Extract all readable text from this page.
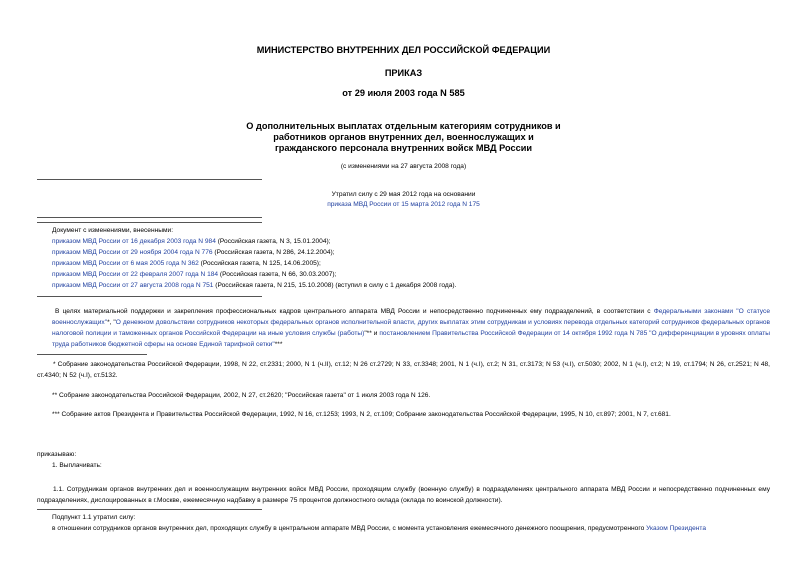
МИНИСТЕРСТВО ВНУТРЕННИХ ДЕЛ РОССИЙСКОЙ ФЕДЕРАЦИИ
ПРИКАЗ
от 29 июля 2003 года N 585
О дополнительных выплатах отдельным категориям сотрудников и
работников органов внутренних дел, военнослужащих и
гражданского персонала внутренних войск МВД России
(с изменениями на 27 августа 2008 года)
Утратил силу с 29 мая 2012 года на основании
приказа МВД России от 15 марта 2012 года N 175
Документ с изменениями, внесенными:
приказом МВД России от 16 декабря 2003 года N 984 (Российская газета, N 3, 15.01.2004);
приказом МВД России от 29 ноября 2004 года N 776 (Российская газета, N 286, 24.12.2004);
приказом МВД России от 6 мая 2005 года N 362 (Российская газета, N 125, 14.06.2005);
приказом МВД России от 22 февраля 2007 года N 184 (Российская газета, N 66, 30.03.2007);
приказом МВД России от 27 августа 2008 года N 751 (Российская газета, N 215, 15.10.2008) (вступил в силу с 1 декабря 2008 года).

В целях материальной поддержки и закрепления профессиональных кадров центрального аппарата МВД России и непосредственно подчиненных ему подразделений, в соответствии с Федеральными законами "О статусе военнослужащих"*, "О денежном довольствии сотрудников некоторых федеральных органов исполнительной власти, других выплатах этим сотрудникам и условиях перевода отдельных категорий сотрудников федеральных органов налоговой полиции и таможенных органов Российской Федерации на иные условия службы (работы)"** и постановлением Правительства Российской Федерации от 14 октября 1992 года N 785 "О дифференциации в уровнях оплаты труда работников бюджетной сферы на основе Единой тарифной сетки"***

* Собрание законодательства Российской Федерации, 1998, N 22, ст.2331; 2000, N 1 (ч.II), ст.12; N 26 ст.2729; N 33, ст.3348; 2001, N 1 (ч.I), ст.2; N 31, ст.3173; N 53 (ч.I), ст.5030; 2002, N 1 (ч.I), ст.2; N 19, ст.1794; N 26, ст.2521; N 48, ст.4340; N 52 (ч.I), ст.5132.

** Собрание законодательства Российской Федерации, 2002, N 27, ст.2620; "Российская газета" от 1 июля 2003 года N 126.
*** Собрание актов Президента и Правительства Российской Федерации, 1992, N 16, ст.1253; 1993, N 2, ст.109; Собрание законодательства Российской Федерации, 1995, N 10, ст.897; 2001, N 7, ст.681.
приказываю:
1. Выплачивать:

1.1. Сотрудникам органов внутренних дел и военнослужащим внутренних войск МВД России, проходящим службу (военную службу) в подразделениях центрального аппарата МВД России и непосредственно подчиненных ему подразделениях, дислоцированных в г.Москве, ежемесячную надбавку в размере 75 процентов должностного оклада (оклада по воинской должности).

Подпункт 1.1 утратил силу:
в отношении сотрудников органов внутренних дел, проходящих службу в центральном аппарате МВД России, с момента установления ежемесячного денежного поощрения, предусмотренного Указом Президента
